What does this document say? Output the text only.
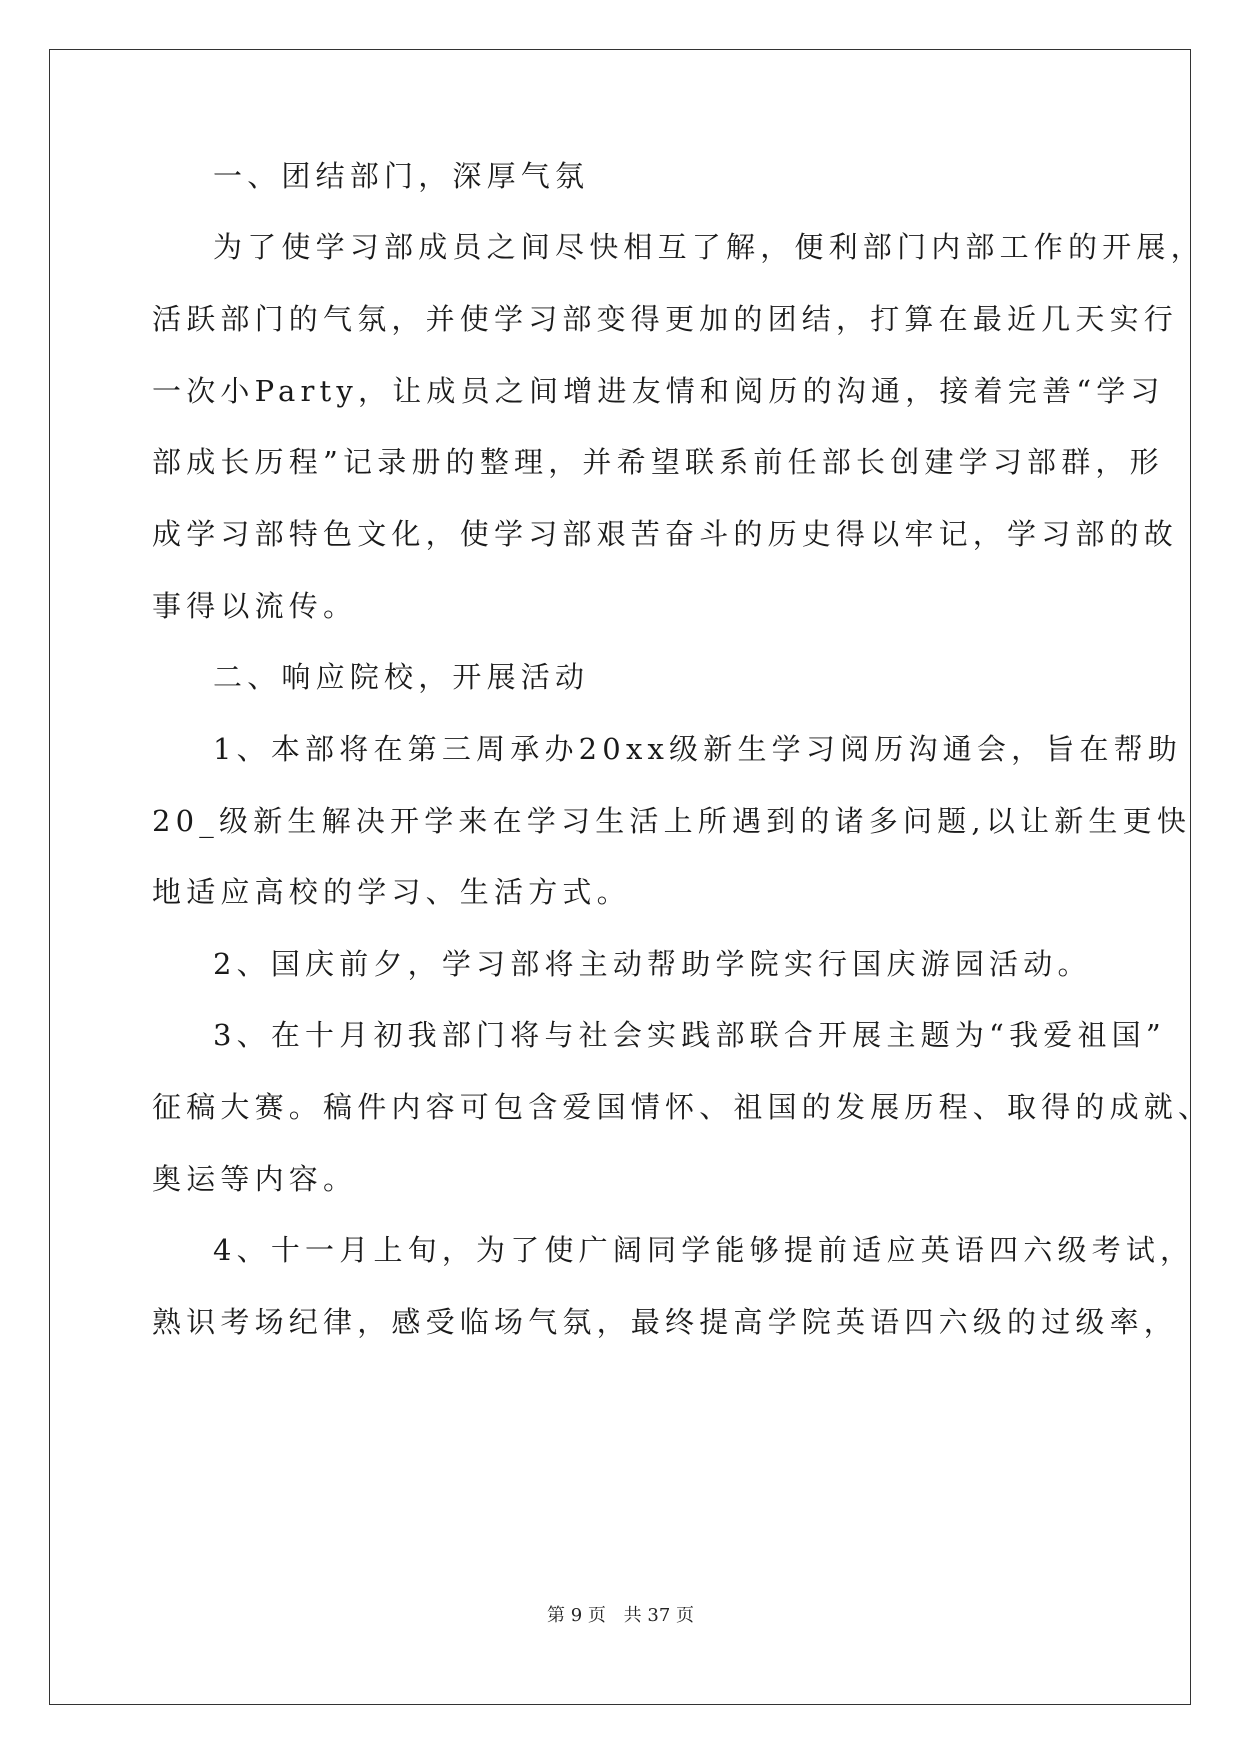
一、团结部门，深厚气氛
为了使学习部成员之间尽快相互了解，便利部门内部工作的开展，
活跃部门的气氛，并使学习部变得更加的团结，打算在最近几天实行
一次小Party，让成员之间增进友情和阅历的沟通，接着完善“学习
部成长历程”记录册的整理，并希望联系前任部长创建学习部群，形
成学习部特色文化，使学习部艰苦奋斗的历史得以牢记，学习部的故
事得以流传。
二、响应院校，开展活动
1、本部将在第三周承办20xx级新生学习阅历沟通会，旨在帮助
20_级新生解决开学来在学习生活上所遇到的诸多问题,以让新生更快
地适应高校的学习、生活方式。
2、国庆前夕，学习部将主动帮助学院实行国庆游园活动。
3、在十月初我部门将与社会实践部联合开展主题为“我爱祖国”
征稿大赛。稿件内容可包含爱国情怀、祖国的发展历程、取得的成就、
奥运等内容。
4、十一月上旬，为了使广阔同学能够提前适应英语四六级考试，
熟识考场纪律，感受临场气氛，最终提高学院英语四六级的过级率，
第 9 页 共 37 页
